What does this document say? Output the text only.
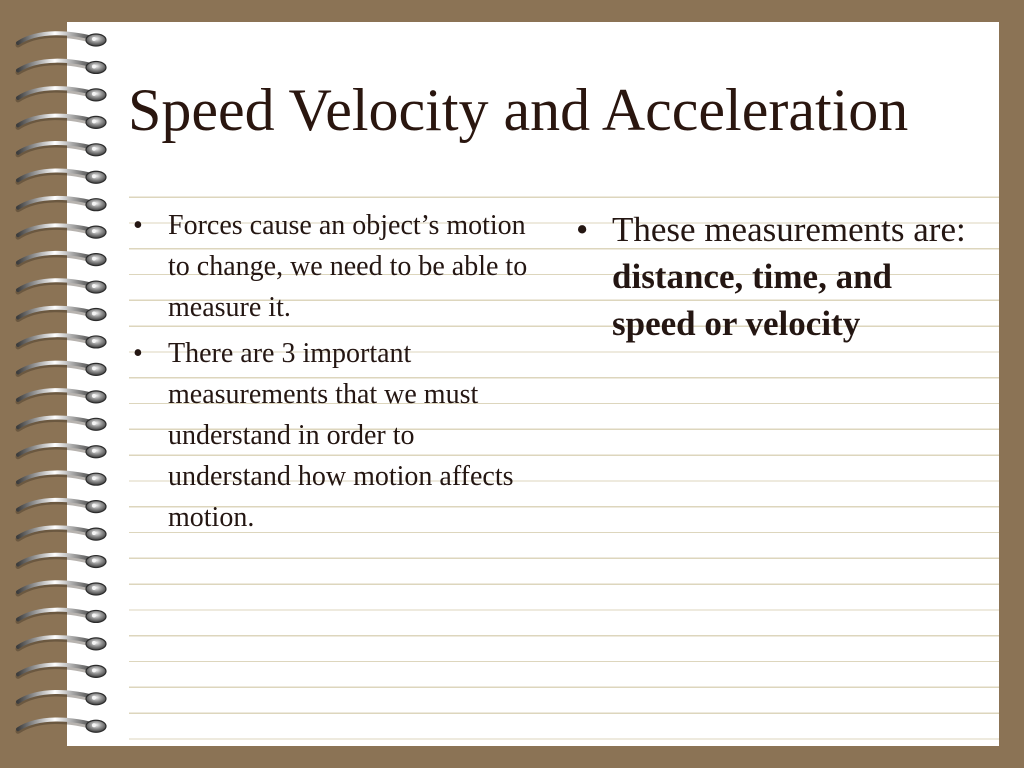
Speed Velocity and Acceleration
• Forces cause an object’s motion to change, we need to be able to measure it.
• There are 3 important measurements that we must understand in order to understand how motion affects motion.
• These measurements are: distance, time, and speed or velocity
